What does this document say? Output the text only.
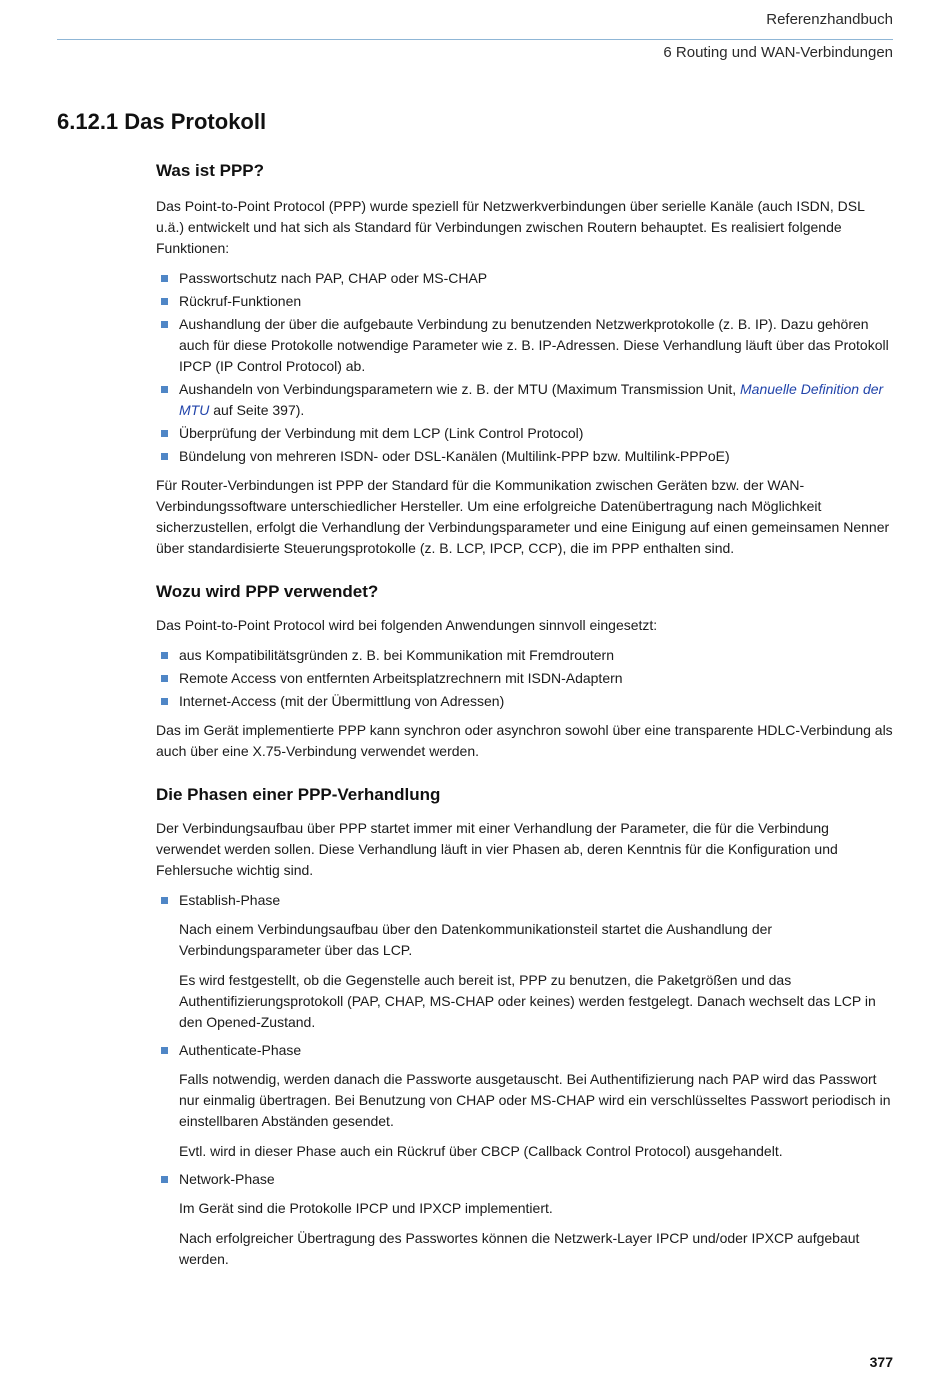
Referenzhandbuch
6 Routing und WAN-Verbindungen
6.12.1 Das Protokoll
Was ist PPP?

Das Point-to-Point Protocol (PPP) wurde speziell für Netzwerkverbindungen über serielle Kanäle (auch ISDN, DSL u.ä.) entwickelt und hat sich als Standard für Verbindungen zwischen Routern behauptet. Es realisiert folgende Funktionen:

Passwortschutz nach PAP, CHAP oder MS-CHAP
Rückruf-Funktionen
Aushandlung der über die aufgebaute Verbindung zu benutzenden Netzwerkprotokolle (z. B. IP). Dazu gehören auch für diese Protokolle notwendige Parameter wie z. B. IP-Adressen. Diese Verhandlung läuft über das Protokoll IPCP (IP Control Protocol) ab.
Aushandeln von Verbindungsparametern wie z. B. der MTU (Maximum Transmission Unit, Manuelle Definition der MTU auf Seite 397).
Überprüfung der Verbindung mit dem LCP (Link Control Protocol)
Bündelung von mehreren ISDN- oder DSL-Kanälen (Multilink-PPP bzw. Multilink-PPPoE)

Für Router-Verbindungen ist PPP der Standard für die Kommunikation zwischen Geräten bzw. der WAN-Verbindungssoftware unterschiedlicher Hersteller. Um eine erfolgreiche Datenübertragung nach Möglichkeit sicherzustellen, erfolgt die Verhandlung der Verbindungsparameter und eine Einigung auf einen gemeinsamen Nenner über standardisierte Steuerungsprotokolle (z. B. LCP, IPCP, CCP), die im PPP enthalten sind.

Wozu wird PPP verwendet?

Das Point-to-Point Protocol wird bei folgenden Anwendungen sinnvoll eingesetzt:

aus Kompatibilitätsgründen z. B. bei Kommunikation mit Fremdroutern
Remote Access von entfernten Arbeitsplatzrechnern mit ISDN-Adaptern
Internet-Access (mit der Übermittlung von Adressen)

Das im Gerät implementierte PPP kann synchron oder asynchron sowohl über eine transparente HDLC-Verbindung als auch über eine X.75-Verbindung verwendet werden.

Die Phasen einer PPP-Verhandlung

Der Verbindungsaufbau über PPP startet immer mit einer Verhandlung der Parameter, die für die Verbindung verwendet werden sollen. Diese Verhandlung läuft in vier Phasen ab, deren Kenntnis für die Konfiguration und Fehlersuche wichtig sind.

Establish-Phase

Nach einem Verbindungsaufbau über den Datenkommunikationsteil startet die Aushandlung der Verbindungsparameter über das LCP.

Es wird festgestellt, ob die Gegenstelle auch bereit ist, PPP zu benutzen, die Paketgrößen und das Authentifizierungsprotokoll (PAP, CHAP, MS-CHAP oder keines) werden festgelegt. Danach wechselt das LCP in den Opened-Zustand.

Authenticate-Phase

Falls notwendig, werden danach die Passworte ausgetauscht. Bei Authentifizierung nach PAP wird das Passwort nur einmalig übertragen. Bei Benutzung von CHAP oder MS-CHAP wird ein verschlüsseltes Passwort periodisch in einstellbaren Abständen gesendet.

Evtl. wird in dieser Phase auch ein Rückruf über CBCP (Callback Control Protocol) ausgehandelt.

Network-Phase

Im Gerät sind die Protokolle IPCP und IPXCP implementiert.

Nach erfolgreicher Übertragung des Passwortes können die Netzwerk-Layer IPCP und/oder IPXCP aufgebaut werden.

377
